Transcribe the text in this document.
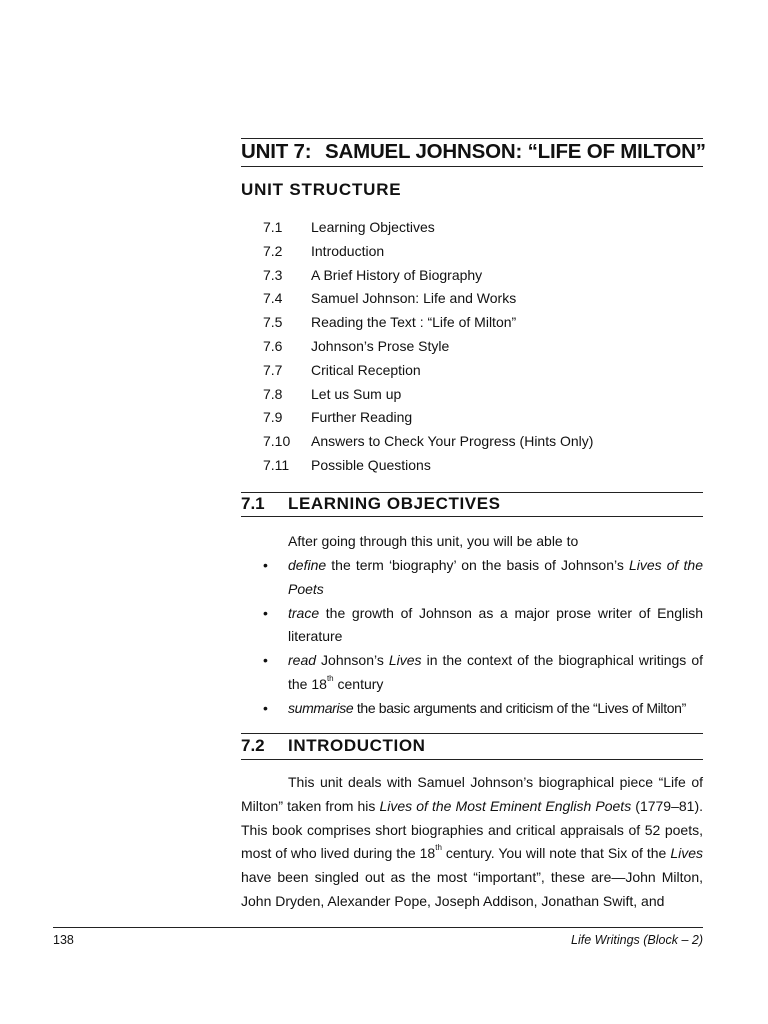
UNIT 7: SAMUEL JOHNSON: “LIFE OF MILTON”
UNIT STRUCTURE
7.1 Learning Objectives
7.2 Introduction
7.3 A Brief History of Biography
7.4 Samuel Johnson: Life and Works
7.5 Reading the Text : “Life of Milton”
7.6 Johnson’s Prose Style
7.7 Critical Reception
7.8 Let us Sum up
7.9 Further Reading
7.10 Answers to Check Your Progress (Hints Only)
7.11 Possible Questions
7.1 LEARNING OBJECTIVES
After going through this unit, you will be able to
•	define the term ‘biography’ on the basis of Johnson’s Lives of the Poets
•	trace the growth of Johnson as a major prose writer of English literature
•	read Johnson’s Lives in the context of the biographical writings of the 18th century
•	summarise the basic arguments and criticism of the “Lives of Milton”
7.2 INTRODUCTION
This unit deals with Samuel Johnson’s biographical piece “Life of Milton” taken from his Lives of the Most Eminent English Poets (1779–81). This book comprises short biographies and critical appraisals of 52 poets, most of who lived during the 18th century. You will note that Six of the Lives have been singled out as the most “important”, these are—John Milton, John Dryden, Alexander Pope, Joseph Addison, Jonathan Swift, and
138	Life Writings (Block – 2)
